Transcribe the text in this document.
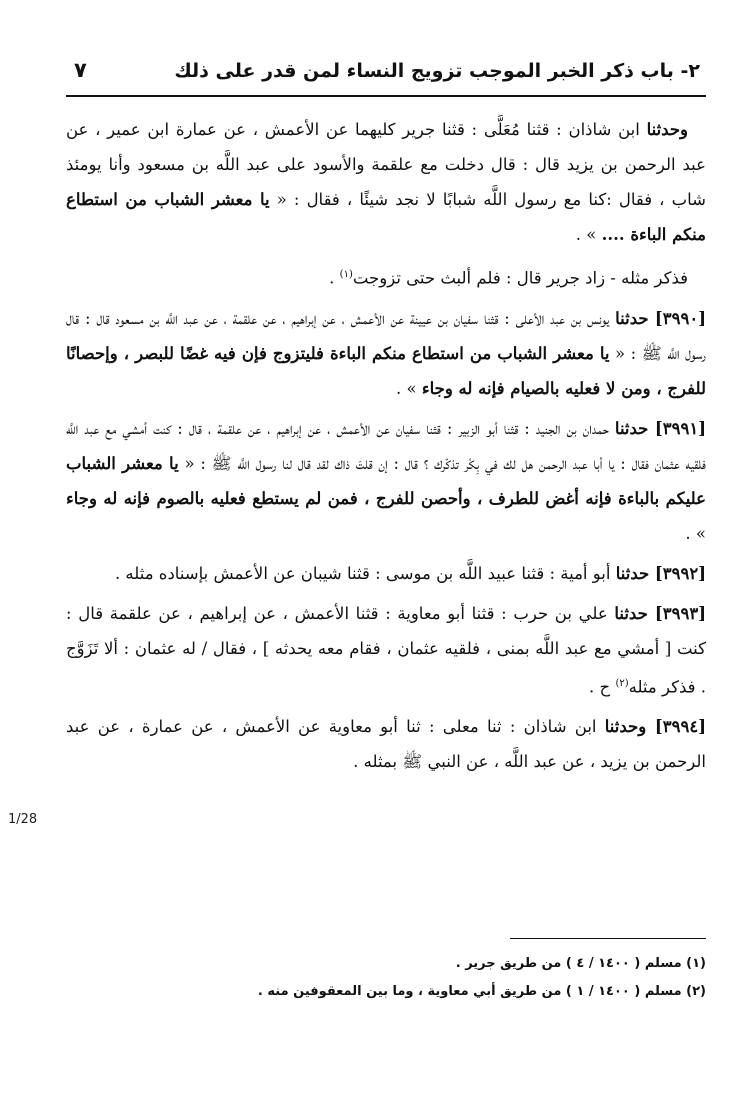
٢- باب ذكر الخبر الموجب تزويج النساء لمن قدر على ذلك
٧

وحدثنا ابن شاذان : قثنا مُعَلَّى : قثنا جرير كليهما عن الأعمش ، عن عمارة ابن عمير ، عن عبد الرحمن بن يزيد قال : قال دخلت مع علقمة والأسود على عبد اللَّه بن مسعود وأنا يومئذ شاب ، فقال :كنا مع رسول اللَّه شبابًا لا نجد شيئًا ، فقال : « يا معشر الشباب من استطاع منكم الباءة .... » .

فذكر مثله - زاد جرير قال : فلم ألبث حتى تزوجت$^{(١)}$ .

[٣٩٩٠] حدثنا يونس بن عبد الأعلى : قثنا سفيان بن عيينة عن الأعمش ، عن إبراهيم ، عن علقمة ، عن عبد اللَّه بن مسعود قال : قال رسول اللَّه ﷺ : « يا معشر الشباب من استطاع منكم الباءة فليتزوج فإن فيه غضًا للبصر ، وإحصانًا للفرج ، ومن لا فعليه بالصيام فإنه له وجاء » .

[٣٩٩١] حدثنا حمدان بن الجنيد : قثنا أبو الزبير : قثنا سفيان عن الأعمش ، عن إبراهيم ، عن علقمة ، قال : كنت أمشي مع عبد اللَّه فلقيه عثمان فقال : يا أبا عبد الرحمن هل لك في بِكْر تذكّرك ؟ قال : إن قلتَ ذاك لقد قال لنا رسول اللَّه ﷺ : « يا معشر الشباب عليكم بالباءة فإنه أغض للطرف ، وأحصن للفرج ، فمن لم يستطع فعليه بالصوم فإنه له وجاء » .

[٣٩٩٢] حدثنا أبو أمية : قثنا عبيد اللَّه بن موسى : قثنا شيبان عن الأعمش بإسناده مثله .

[٣٩٩٣] حدثنا علي بن حرب : قثنا أبو معاوية : قثنا الأعمش ، عن إبراهيم ، عن علقمة قال : كنت [ أمشي مع عبد اللَّه بمنى ، فلقيه عثمان ، فقام معه يحدثه ] ، فقال / له عثمان : ألا تَزَوَّج . فذكر مثله$^{(٢)}$ ح .

[٣٩٩٤] وحدثنا ابن شاذان : ثنا معلى : ثنا أبو معاوية عن الأعمش ، عن عمارة ، عن عبد الرحمن بن يزيد ، عن عبد اللَّه ، عن النبي ﷺ بمثله .

1/28
(١) مسلم ( ١٤٠٠ / ٤ ) من طريق جرير .
(٢) مسلم ( ١٤٠٠ / ١ ) من طريق أبي معاوية ، وما بين المعقوفين منه .
